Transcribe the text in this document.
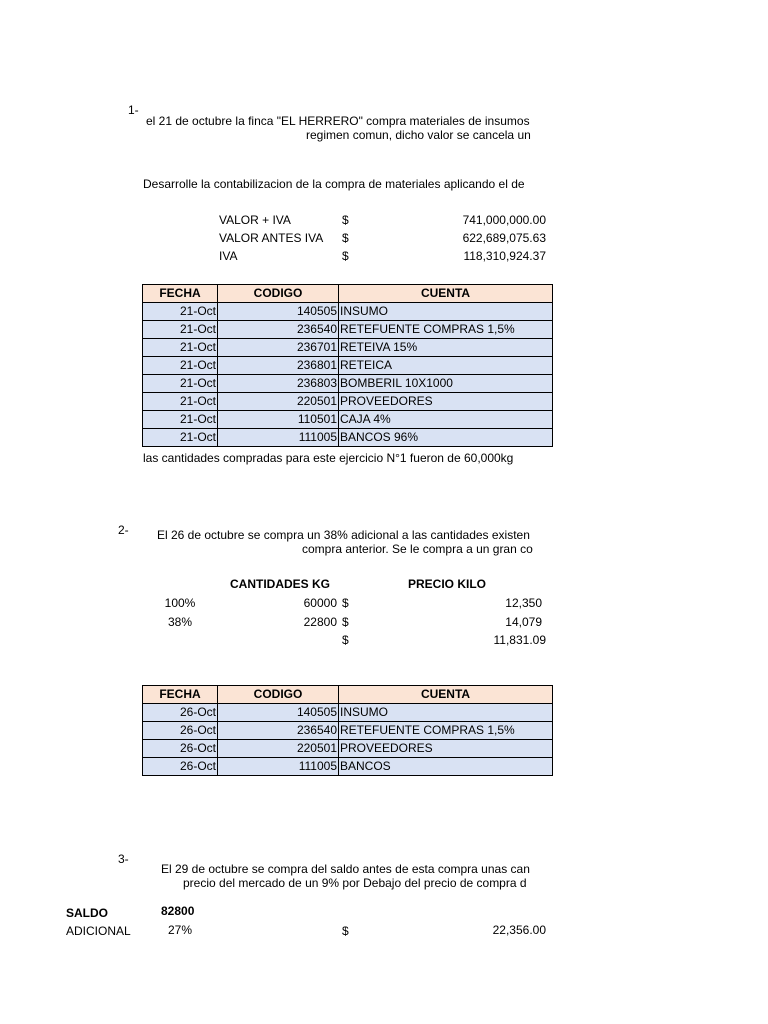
1-
el 21 de octubre la finca "EL HERRERO" compra materiales de insumos
regimen comun, dicho valor se cancela un
Desarrolle la contabilizacion de la compra de materiales aplicando el de
VALOR + IVA	$	741,000,000.00
VALOR ANTES IVA $	622,689,075.63
IVA	$	118,310,924.37
FECHA	CODIGO	CUENTA
21-Oct	140505	INSUMO
21-Oct	236540	RETEFUENTE COMPRAS 1,5%
21-Oct	236701	RETEIVA 15%
21-Oct	236801	RETEICA
21-Oct	236803	BOMBERIL 10X1000
21-Oct	220501	PROVEEDORES
21-Oct	110501	CAJA 4%
21-Oct	111005	BANCOS 96%
las cantidades compradas para este ejercicio N°1 fueron de 60,000kg
2- El 26 de octubre se compra un 38% adicional a las cantidades existen
compra anterior. Se le compra a un gran co
CANTIDADES KG	PRECIO KILO
100%	60000 $	12,350
38%	22800 $	14,079
$	11,831.09
FECHA	CODIGO	CUENTA
26-Oct	140505	INSUMO
26-Oct	236540	RETEFUENTE COMPRAS 1,5%
26-Oct	220501	PROVEEDORES
26-Oct	111005	BANCOS
3-
El 29 de octubre se compra del saldo antes de esta compra unas can
precio del mercado de un 9% por Debajo del precio de compra d
SALDO	82800
ADICIONAL	27%	$	22,356.00
